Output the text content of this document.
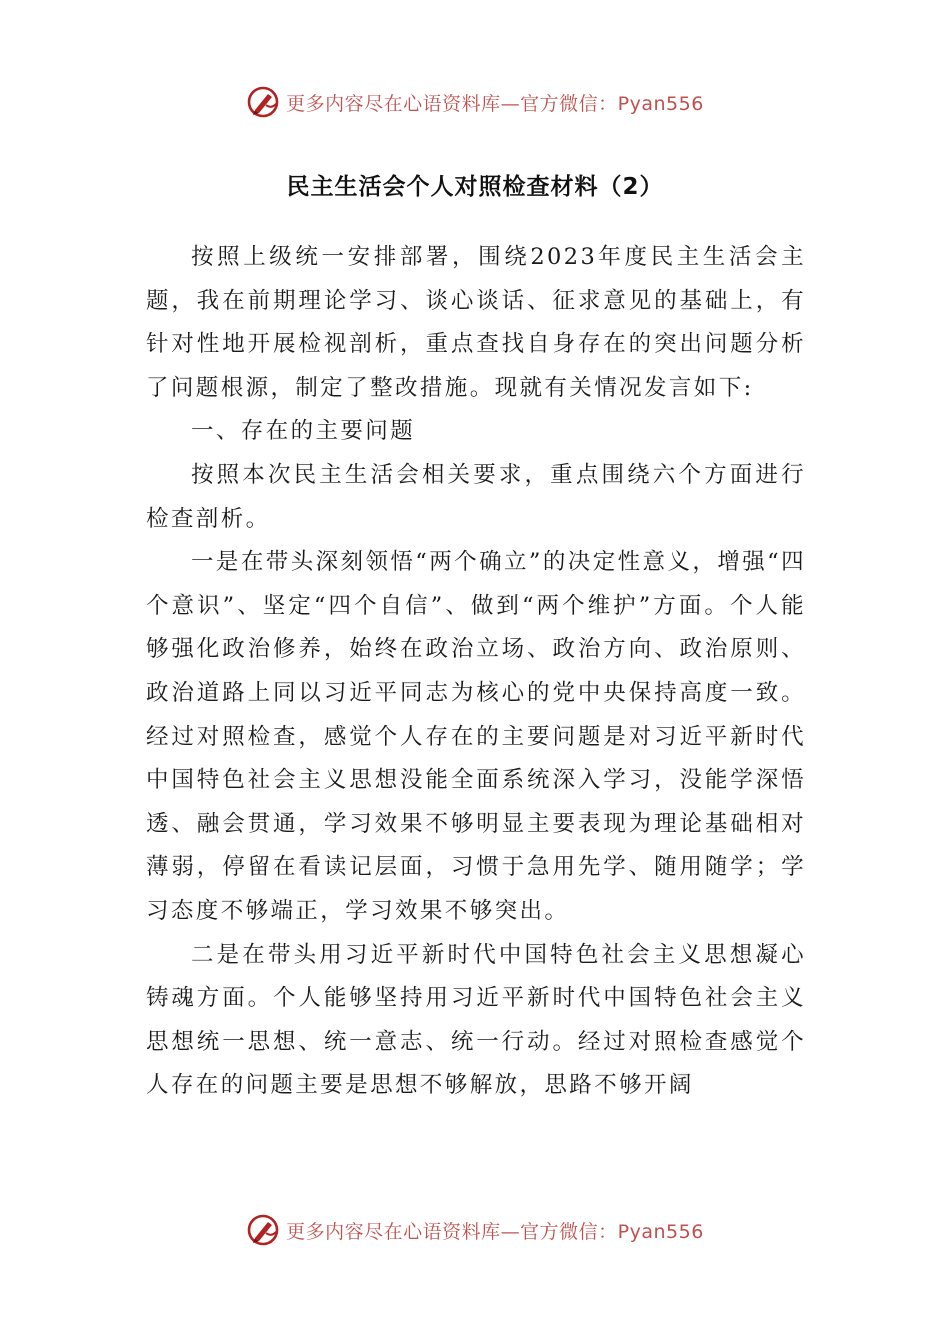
更多内容尽在心语资料库—官方微信：Pyan556
民主生活会个人对照检查材料（2）

按照上级统一安排部署，围绕2023年度民主生活会主题，我在前期理论学习、谈心谈话、征求意见的基础上，有针对性地开展检视剖析，重点查找自身存在的突出问题分析了问题根源，制定了整改措施。现就有关情况发言如下:

一、存在的主要问题

按照本次民主生活会相关要求，重点围绕六个方面进行检查剖析。

一是在带头深刻领悟“两个确立”的决定性意义，增强“四个意识”、坚定“四个自信”、做到“两个维护”方面。个人能够强化政治修养，始终在政治立场、政治方向、政治原则、政治道路上同以习近平同志为核心的党中央保持高度一致。经过对照检查，感觉个人存在的主要问题是对习近平新时代中国特色社会主义思想没能全面系统深入学习，没能学深悟透、融会贯通，学习效果不够明显主要表现为理论基础相对薄弱，停留在看读记层面，习惯于急用先学、随用随学；学习态度不够端正，学习效果不够突出。

二是在带头用习近平新时代中国特色社会主义思想凝心铸魂方面。个人能够坚持用习近平新时代中国特色社会主义思想统一思想、统一意志、统一行动。经过对照检查感觉个人存在的问题主要是思想不够解放，思路不够开阔

更多内容尽在心语资料库—官方微信：Pyan556
